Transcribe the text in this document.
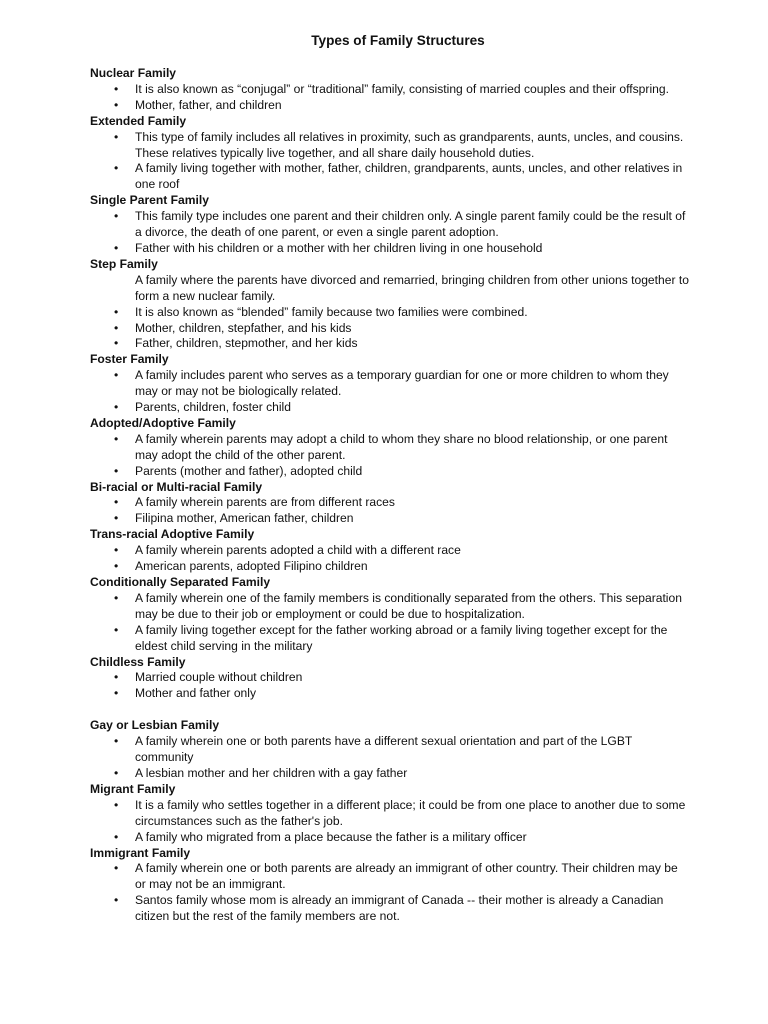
Types of Family Structures
Nuclear Family
• It is also known as “conjugal” or “traditional” family, consisting of married couples and their offspring.
• Mother, father, and children
Extended Family
• This type of family includes all relatives in proximity, such as grandparents, aunts, uncles, and cousins. These relatives typically live together, and all share daily household duties.
• A family living together with mother, father, children, grandparents, aunts, uncles, and other relatives in one roof
Single Parent Family
• This family type includes one parent and their children only. A single parent family could be the result of a divorce, the death of one parent, or even a single parent adoption.
• Father with his children or a mother with her children living in one household
Step Family
A family where the parents have divorced and remarried, bringing children from other unions together to form a new nuclear family.
• It is also known as “blended” family because two families were combined.
• Mother, children, stepfather, and his kids
• Father, children, stepmother, and her kids
Foster Family
• A family includes parent who serves as a temporary guardian for one or more children to whom they may or may not be biologically related.
• Parents, children, foster child
Adopted/Adoptive Family
• A family wherein parents may adopt a child to whom they share no blood relationship, or one parent may adopt the child of the other parent.
• Parents (mother and father), adopted child
Bi-racial or Multi-racial Family
• A family wherein parents are from different races
• Filipina mother, American father, children
Trans-racial Adoptive Family
• A family wherein parents adopted a child with a different race
• American parents, adopted Filipino children
Conditionally Separated Family
• A family wherein one of the family members is conditionally separated from the others. This separation may be due to their job or employment or could be due to hospitalization.
• A family living together except for the father working abroad or a family living together except for the eldest child serving in the military
Childless Family
• Married couple without children
• Mother and father only
Gay or Lesbian Family
• A family wherein one or both parents have a different sexual orientation and part of the LGBT community
• A lesbian mother and her children with a gay father
Migrant Family
• It is a family who settles together in a different place; it could be from one place to another due to some circumstances such as the father's job.
• A family who migrated from a place because the father is a military officer
Immigrant Family
• A family wherein one or both parents are already an immigrant of other country. Their children may be or may not be an immigrant.
• Santos family whose mom is already an immigrant of Canada -- their mother is already a Canadian citizen but the rest of the family members are not.
